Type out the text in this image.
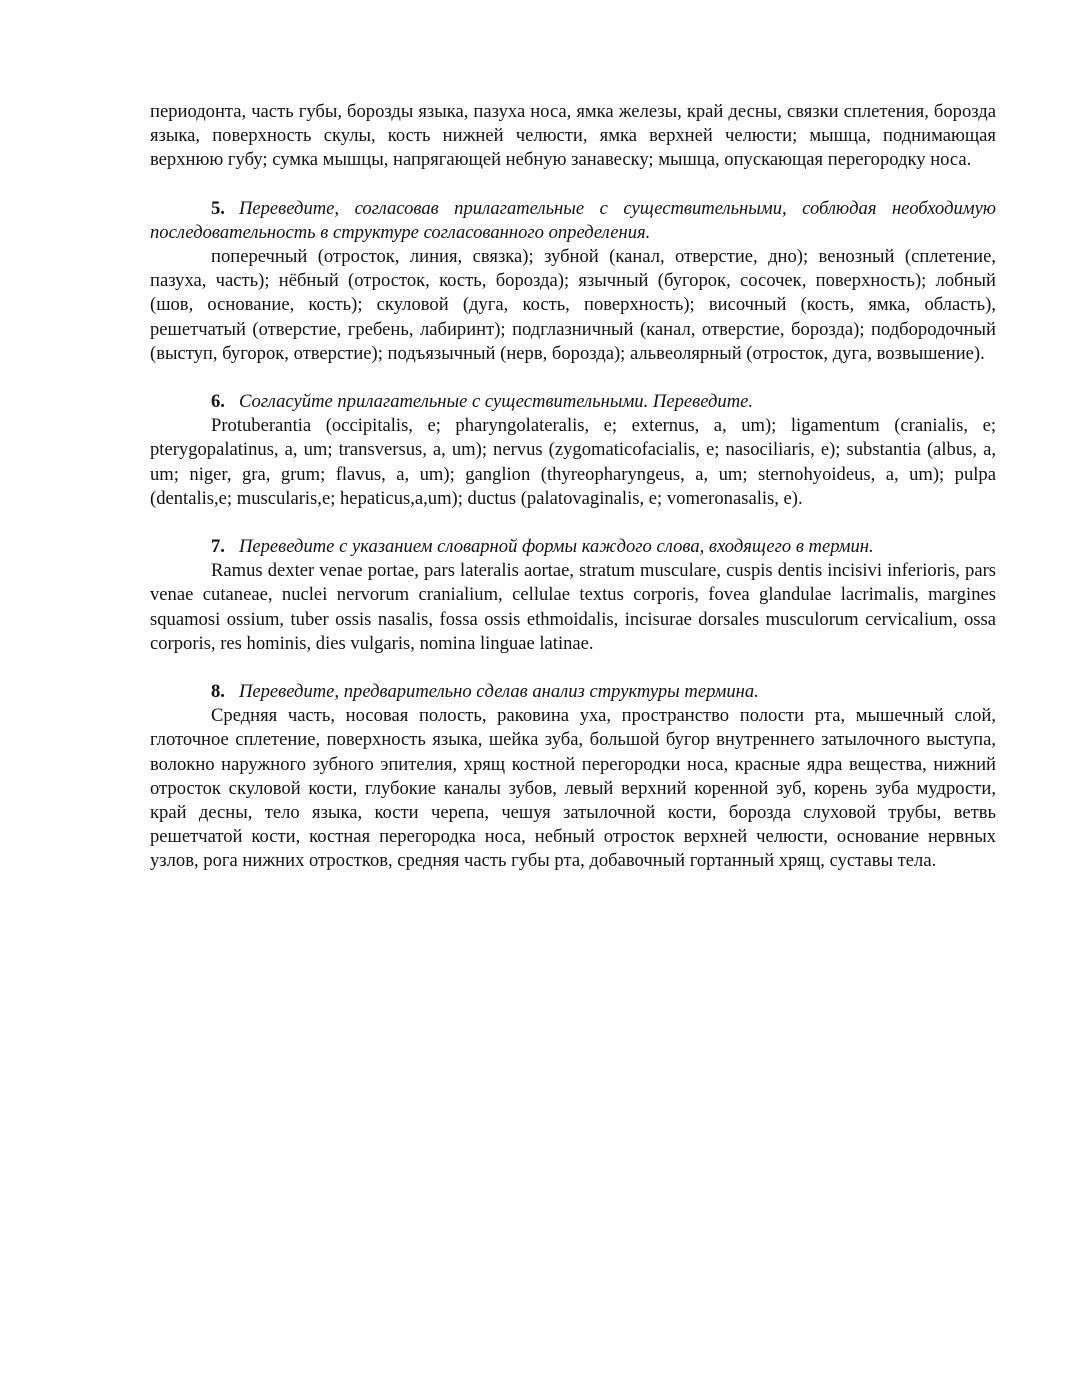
периодонта, часть губы, борозды языка, пазуха носа, ямка железы, край десны, связки сплетения, борозда языка, поверхность скулы, кость нижней челюсти, ямка верхней челюсти; мышца, поднимающая верхнюю губу; сумка мышцы, напрягающей небную занавеску; мышца, опускающая перегородку носа.

5. Переведите, согласовав прилагательные с существительными, соблюдая необходимую последовательность в структуре согласованного определения.

поперечный (отросток, линия, связка); зубной (канал, отверстие, дно); венозный (сплетение, пазуха, часть); нёбный (отросток, кость, борозда); язычный (бугорок, сосочек, поверхность); лобный (шов, основание, кость); скуловой (дуга, кость, поверхность); височный (кость, ямка, область), решетчатый (отверстие, гребень, лабиринт); подглазничный (канал, отверстие, борозда); подбородочный (выступ, бугорок, отверстие); подъязычный (нерв, борозда); альвеолярный (отросток, дуга, возвышение).

6. Согласуйте прилагательные с существительными. Переведите.

Protuberantia (occipitalis, e; pharyngolateralis, e; externus, a, um); ligamentum (cranialis, e; pterygopalatinus, a, um; transversus, a, um); nervus (zygomaticofacialis, e; nasociliaris, e); substantia (albus, a, um; niger, gra, grum; flavus, a, um); ganglion (thyreopharyngeus, a, um; sternohyoideus, a, um); pulpa (dentalis,e; muscularis,e; hepaticus,a,um); ductus (palatovaginalis, e; vomeronasalis, e).

7. Переведите с указанием словарной формы каждого слова, входящего в термин.

Ramus dexter venae portae, pars lateralis aortae, stratum musculare, cuspis dentis incisivi inferioris, pars venae cutaneae, nuclei nervorum cranialium, cellulae textus corporis, fovea glandulae lacrimalis, margines squamosi ossium, tuber ossis nasalis, fossa ossis ethmoidalis, incisurae dorsales musculorum cervicalium, ossa corporis, res hominis, dies vulgaris, nomina linguae latinae.

8. Переведите, предварительно сделав анализ структуры термина.

Средняя часть, носовая полость, раковина уха, пространство полости рта, мышечный слой, глоточное сплетение, поверхность языка, шейка зуба, большой бугор внутреннего затылочного выступа, волокно наружного зубного эпителия, хрящ костной перегородки носа, красные ядра вещества, нижний отросток скуловой кости, глубокие каналы зубов, левый верхний коренной зуб, корень зуба мудрости, край десны, тело языка, кости черепа, чешуя затылочной кости, борозда слуховой трубы, ветвь решетчатой кости, костная перегородка носа, небный отросток верхней челюсти, основание нервных узлов, рога нижних отростков, средняя часть губы рта, добавочный гортанный хрящ, суставы тела.
